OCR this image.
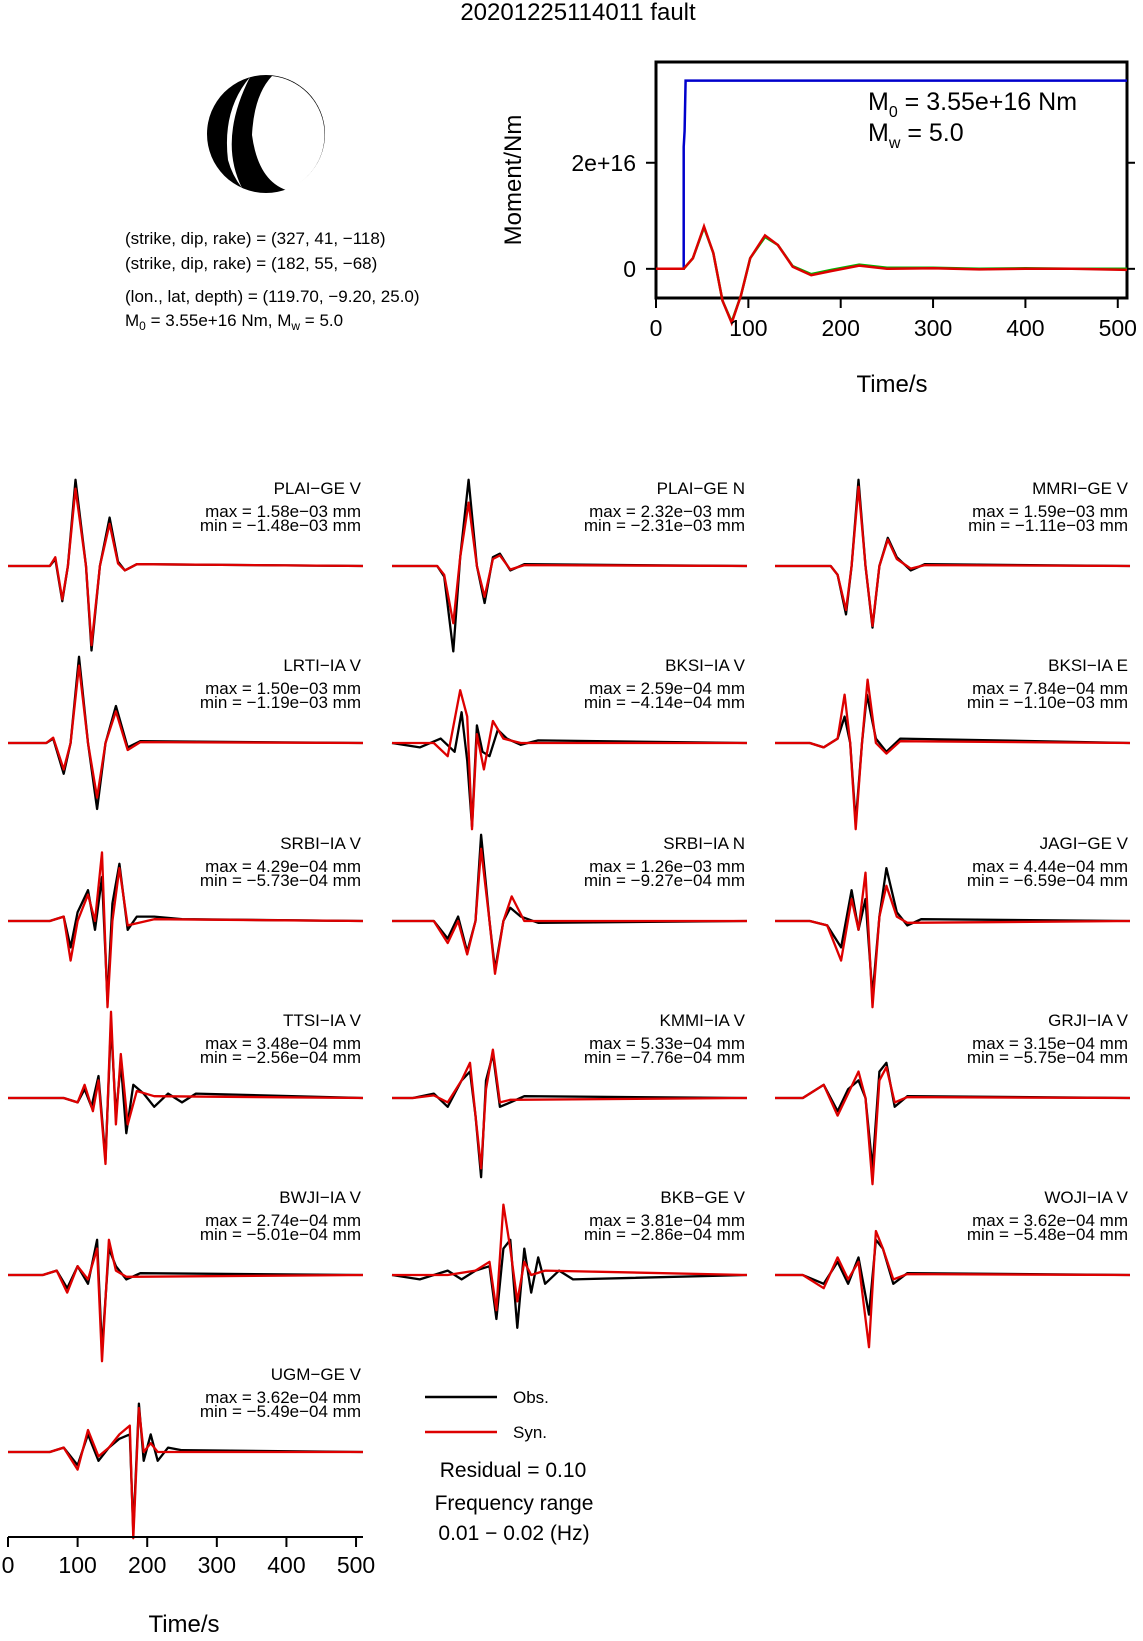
20201225114011 fault
(strike, dip, rake) = (327, 41, −118)
(strike, dip, rake) = (182, 55, −68)
(lon., lat, depth) = (119.70, −9.20, 25.0)
$M_0 = 3.55e+16$ Nm, $M_w = 5.0$	0	100 200 300 400 500
0
2e+16
$M_0 = 3.55e+16$ Nm
$M_w = 5.0$
Time/s
Moment/Nm
PLAI−GE V
max = 1.58e−03 mm
min = −1.48e−03 mm
PLAI−GE N
max = 2.32e−03 mm
min = −2.31e−03 mm
MMRI−GE V
max = 1.59e−03 mm
min = −1.11e−03 mm
LRTI−IA V
max = 1.50e−03 mm
min = −1.19e−03 mm
BKSI−IA V
max = 2.59e−04 mm
min = −4.14e−04 mm
BKSI−IA E
max = 7.84e−04 mm
min = −1.10e−03 mm
SRBI−IA V
max = 4.29e−04 mm
min = −5.73e−04 mm
SRBI−IA N
max = 1.26e−03 mm
min = −9.27e−04 mm
JAGI−GE V
max = 4.44e−04 mm
min = −6.59e−04 mm
TTSI−IA V
max = 3.48e−04 mm
min = −2.56e−04 mm
KMMI−IA V
max = 5.33e−04 mm
min = −7.76e−04 mm
GRJI−IA V
max = 3.15e−04 mm
min = −5.75e−04 mm
BWJI−IA V
max = 2.74e−04 mm
min = −5.01e−04 mm
BKB−GE V
max = 3.81e−04 mm
min = −2.86e−04 mm
WOJI−IA V
max = 3.62e−04 mm
min = −5.48e−04 mm
UGM−GE V
max = 3.62e−04 mm
min = −5.49e−04 mm
Time/s
0 100 200 300 400 500
Obs.
Syn.
Residual = 0.10
Frequency range
0.01 − 0.02 (Hz)
